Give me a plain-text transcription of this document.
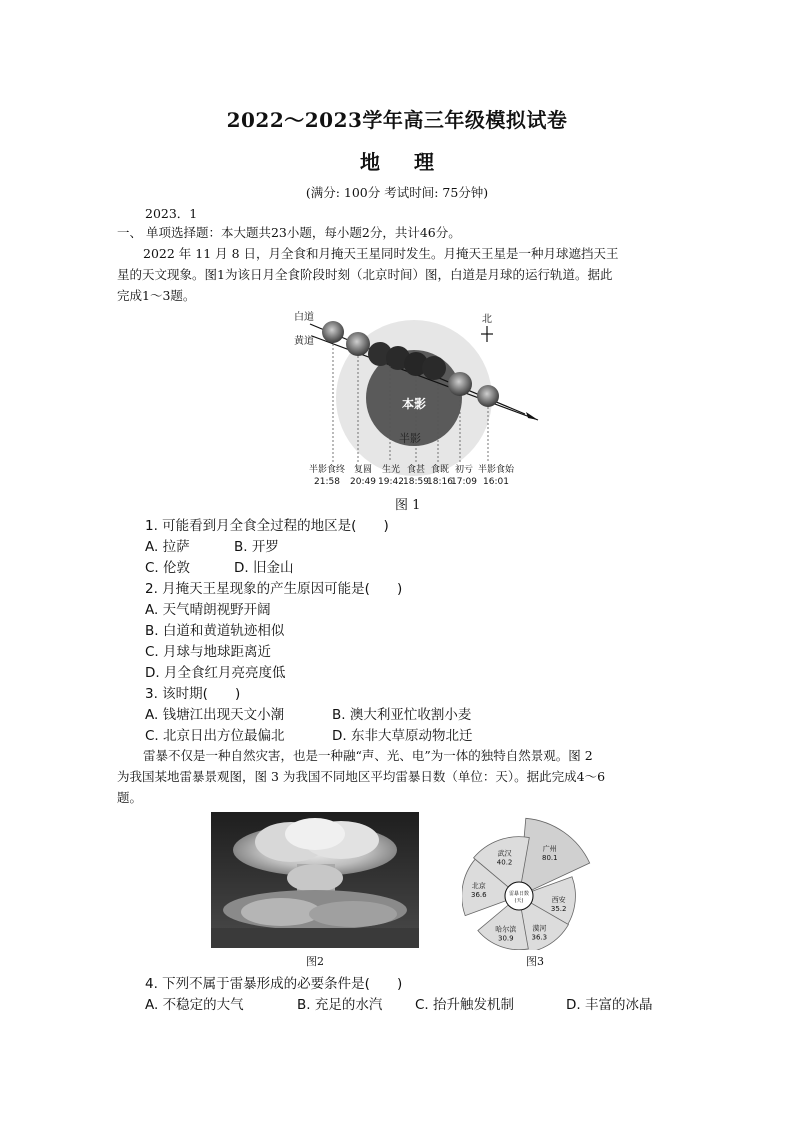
2022～2023学年高三年级模拟试卷
地理
(满分: 100分 考试时间: 75分钟)
2023．1
一、 单项选择题：本大题共23小题，每小题2分，共计46分。
2022 年 11 月 8 日，月全食和月掩天王星同时发生。月掩天王星是一种月球遮挡天王
星的天文现象。图1为该日月全食阶段时刻（北京时间）图，白道是月球的运行轨道。据此
完成1～3题。
本影
半影
白道
黄道
北
半影食终
21:58
复圆
20:49
生光
19:42
食甚
18:59
食既
18:16
初亏
17:09
半影食始
16:01
图 1
1. 可能看到月全食全过程的地区是(　　)
A. 拉萨	B. 开罗
C. 伦敦	D. 旧金山
2. 月掩天王星现象的产生原因可能是(　　)
A. 天气晴朗视野开阔
B. 白道和黄道轨迹相似
C. 月球与地球距离近
D. 月全食红月亮亮度低
3. 该时期(　　)
A. 钱塘江出现天文小潮	B. 澳大利亚忙收割小麦
C. 北京日出方位最偏北	D. 东非大草原动物北迁
雷暴不仅是一种自然灾害，也是一种融“声、光、电”为一体的独特自然景观。图 2
为我国某地雷暴景观图，图 3 为我国不同地区平均雷暴日数（单位：天）。据此完成4～6
题。
图2
雷暴日数
(天)
广州
80.1
西安
35.2
漠河
36.3
哈尔滨
30.9
北京
36.6
武汉
40.2
图3
4. 下列不属于雷暴形成的必要条件是(　　)
A. 不稳定的大气	B. 充足的水汽 C. 抬升触发机制	D. 丰富的冰晶
